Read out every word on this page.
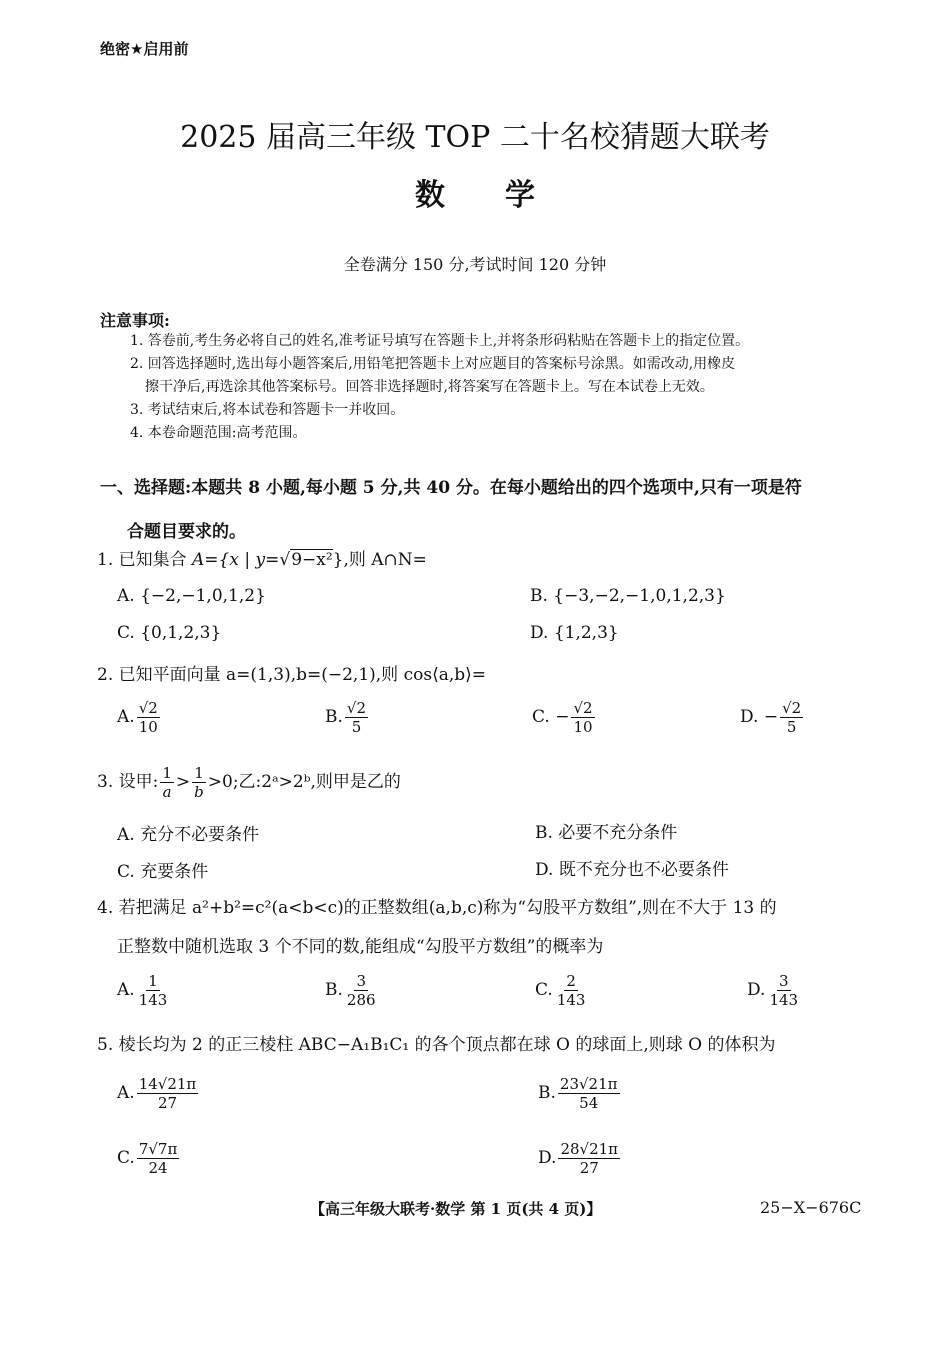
绝密★启用前
2025 届高三年级 TOP 二十名校猜题大联考
数学
全卷满分 150 分,考试时间 120 分钟
注意事项:
1. 答卷前,考生务必将自己的姓名,准考证号填写在答题卡上,并将条形码粘贴在答题卡上的指定位置。
2. 回答选择题时,选出每小题答案后,用铅笔把答题卡上对应题目的答案标号涂黑。如需改动,用橡皮
擦干净后,再选涂其他答案标号。回答非选择题时,将答案写在答题卡上。写在本试卷上无效。
3. 考试结束后,将本试卷和答题卡一并收回。
4. 本卷命题范围:高考范围。
一、选择题:本题共 8 小题,每小题 5 分,共 40 分。在每小题给出的四个选项中,只有一项是符
合题目要求的。
1. 已知集合 A={x | y=√9−x²},则 A∩N=
A. {−2,−1,0,1,2}	B. {−3,−2,−1,0,1,2,3}
C. {0,1,2,3}	D. {1,2,3}
2. 已知平面向量 a=(1,3),b=(−2,1),则 cos⟨a,b⟩=
A. $\frac{√2}{10}$	B. $\frac{√2}{5}$	C. − $\frac{√2}{10}$	D. − $\frac{√2}{5}$
3. 设甲: $\frac{1}{a} > \frac{1}{b} >0$;乙:2ᵃ>2ᵇ,则甲是乙的
A. 充分不必要条件	B. 必要不充分条件
C. 充要条件	D. 既不充分也不必要条件
4. 若把满足 a²+b²=c²(a<b<c)的正整数组(a,b,c)称为“勾股平方数组”,则在不大于 13 的
正整数中随机选取 3 个不同的数,能组成“勾股平方数组”的概率为
A. $\frac{1}{143}$	B. $\frac{3}{286}$	C. $\frac{2}{143}$	D. $\frac{3}{143}$
5. 棱长均为 2 的正三棱柱 ABC−A₁B₁C₁ 的各个顶点都在球 O 的球面上,则球 O 的体积为
A. $\frac{14√21\pi}{27}$	B. $\frac{23√21\pi}{54}$
C. $\frac{7√7\pi}{24}$	D. $\frac{28√21\pi}{27}$
【高三年级大联考·数学 第 1 页(共 4 页)】	25−X−676C
